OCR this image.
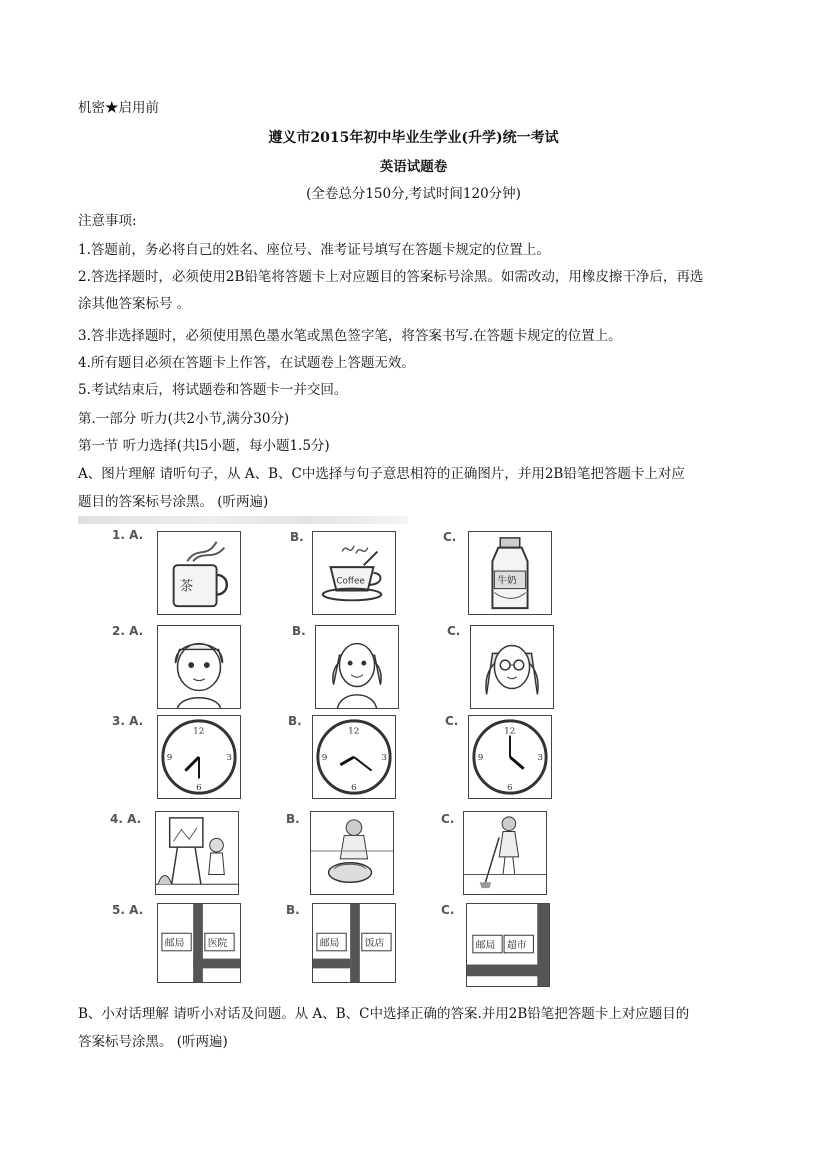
机密★启用前
遵义市2015年初中毕业生学业(升学)统一考试
英语试题卷
(全卷总分150分,考试时间120分钟)
注意事项:
1.答题前，务必将自己的姓名、座位号、准考证号填写在答题卡规定的位置上。
2.答选择题时，必须使用2B铅笔将答题卡上对应题目的答案标号涂黑。如需改动，用橡皮擦干净后，再选
涂其他答案标号 。
3.答非选择题时，必须使用黑色墨水笔或黑色签字笔，将答案书写.在答题卡规定的位置上。
4.所有题目必须在答题卡上作答，在试题卷上答题无效。
5.考试结束后，将试题卷和答题卡一并交回。
第.一部分 听力(共2小节,满分30分)
第一节 听力选择(共l5小题，每小题1.5分)
A、图片理解 请听句子，从 A、B、C中选择与句子意思相符的正确图片，并用2B铅笔把答题卡上对应
题目的答案标号涂黑。 (听两遍)
1. A.	B.	C.
茶	Coffee	牛奶
2. A.	B.	C.
3. A.	B.	C.
12
3
6
9
12
3
6
9
12
3
6
9
4. A.	B.	C.
5. A.	B.	C.
邮局 医院	邮局	饭店	邮局 超市
B、小对话理解 请听小对话及问题。从 A、B、C中选择正确的答案.并用2B铅笔把答题卡上对应题目的
答案标号涂黑。 (听两遍)
